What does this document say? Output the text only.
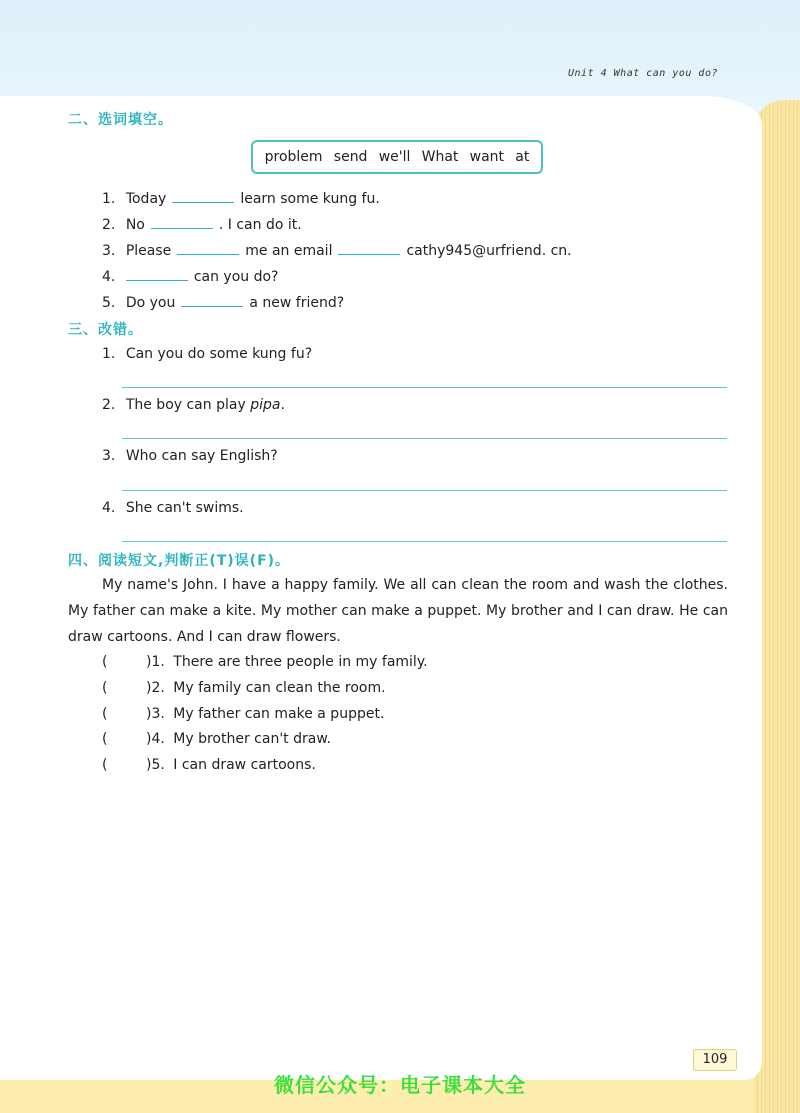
Unit 4 What can you do?
二、选词填空。
problem send we'll What want at
1. Today	learn some kung fu.
2. No	. I can do it.
3. Please	me an email	cathy945@urfriend. cn.
4.	can you do?
5. Do you	a new friend?
三、改错。
1. Can you do some kung fu?
2. The boy can play pipa.
3. Who can say English?
4. She can't swims.
四、阅读短文,判断正(T)误(F)。
My name's John. I have a happy family. We all can clean the room and wash the clothes. My father can make a kite. My mother can make a puppet. My brother and I can draw. He can draw cartoons. And I can draw flowers.
(	)1. There are three people in my family.
(	)2. My family can clean the room.
(	)3. My father can make a puppet.
(	)4. My brother can't draw.
(	)5. I can draw cartoons.
109
微信公众号：电子课本大全
